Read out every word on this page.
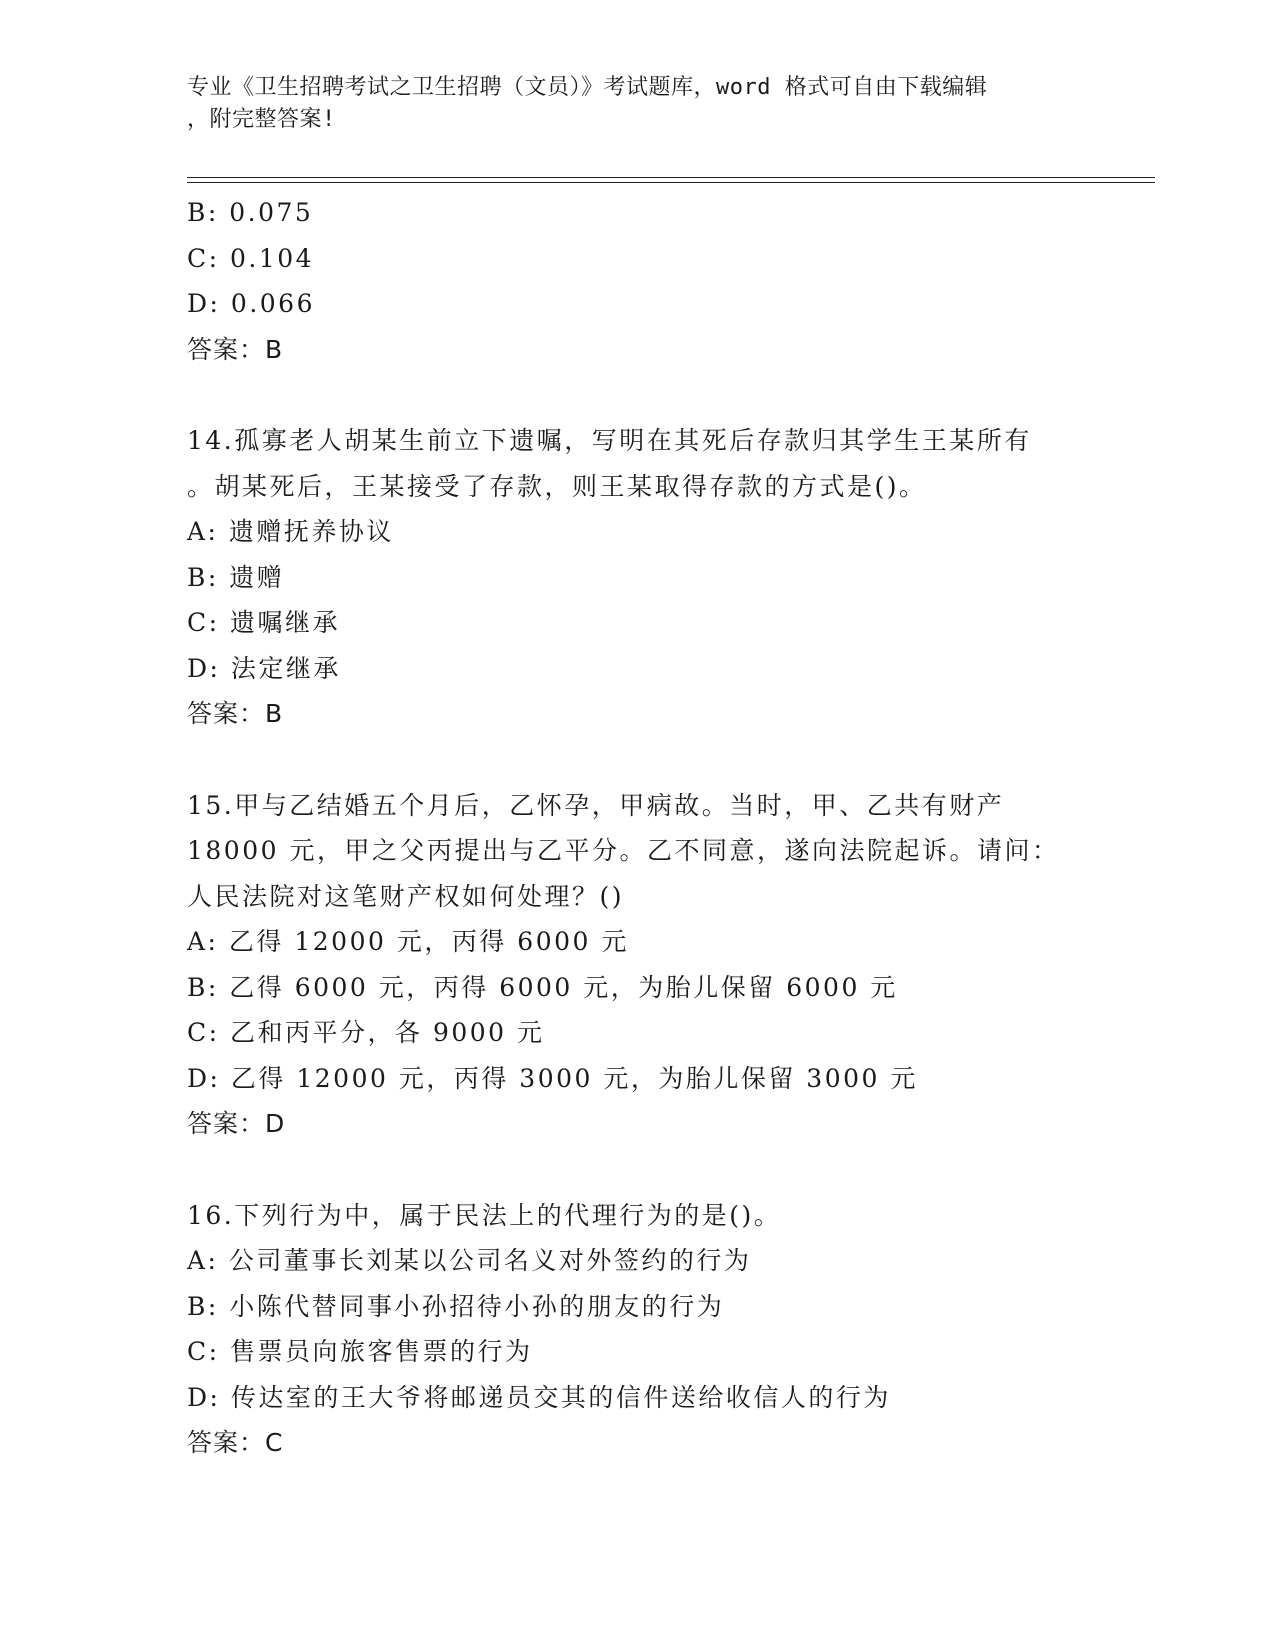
专业《卫生招聘考试之卫生招聘（文员）》考试题库，word 格式可自由下载编辑
，附完整答案!
B: 0.075
C: 0.104
D: 0.066
答案：B
14.孤寡老人胡某生前立下遗嘱，写明在其死后存款归其学生王某所有
。胡某死后，王某接受了存款，则王某取得存款的方式是()。
A: 遗赠抚养协议
B: 遗赠
C: 遗嘱继承
D: 法定继承
答案：B
15.甲与乙结婚五个月后，乙怀孕，甲病故。当时，甲、乙共有财产
18000 元，甲之父丙提出与乙平分。乙不同意，遂向法院起诉。请问：
人民法院对这笔财产权如何处理？()
A: 乙得 12000 元，丙得 6000 元
B: 乙得 6000 元，丙得 6000 元，为胎儿保留 6000 元
C: 乙和丙平分，各 9000 元
D: 乙得 12000 元，丙得 3000 元，为胎儿保留 3000 元
答案：D
16.下列行为中，属于民法上的代理行为的是()。
A: 公司董事长刘某以公司名义对外签约的行为
B: 小陈代替同事小孙招待小孙的朋友的行为
C: 售票员向旅客售票的行为
D: 传达室的王大爷将邮递员交其的信件送给收信人的行为
答案：C
